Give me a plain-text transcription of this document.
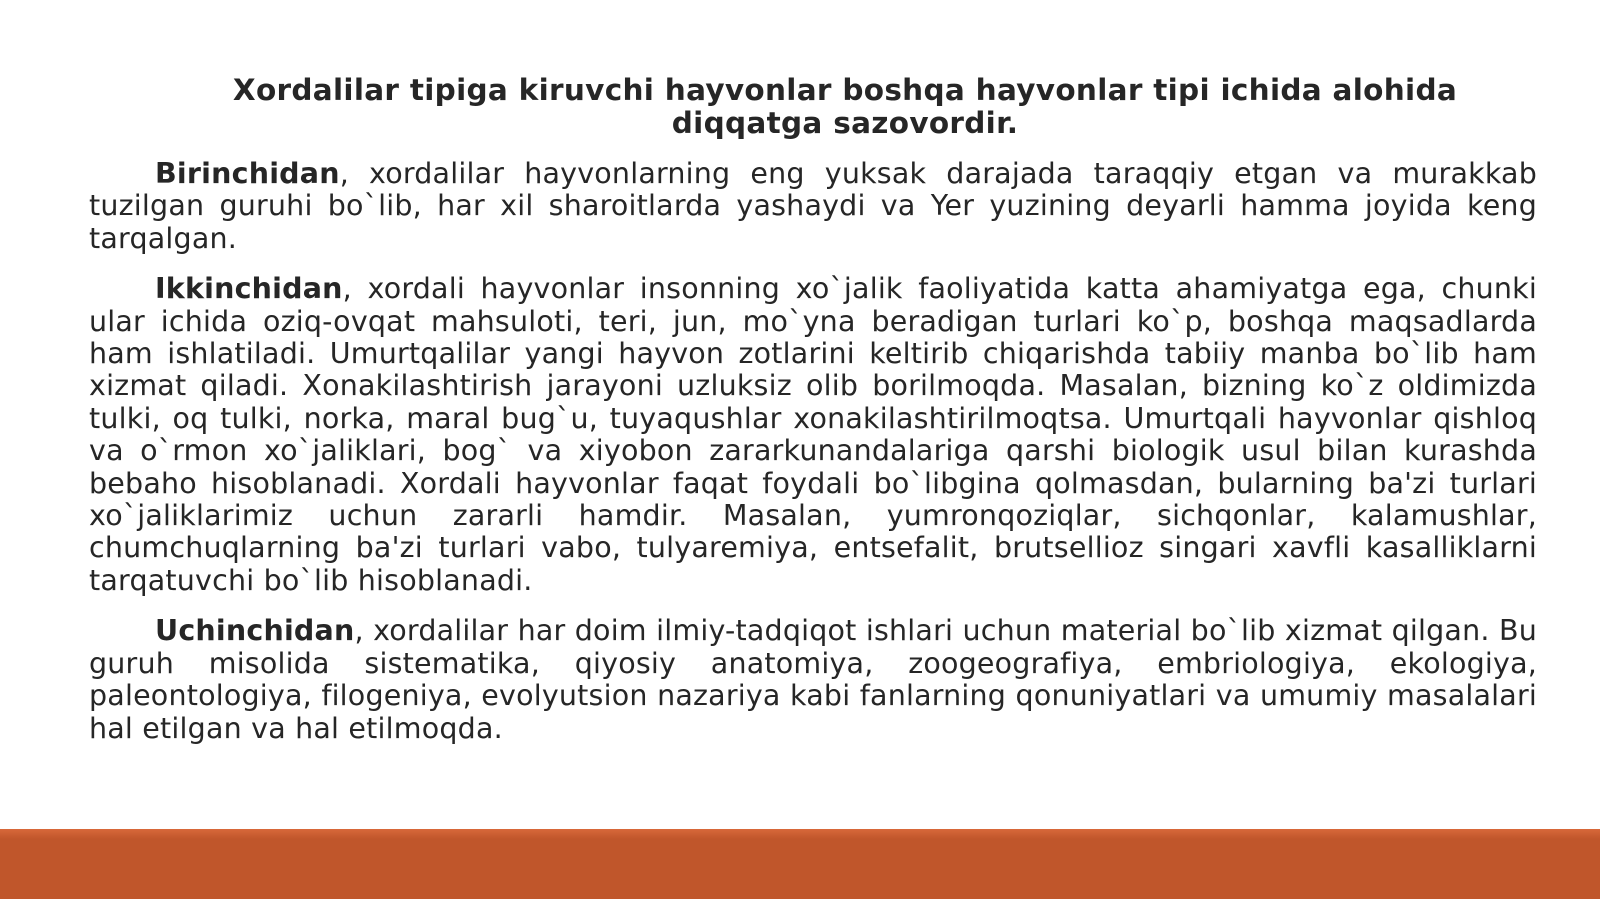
Xordalilar tipiga kiruvchi hayvonlar boshqa hayvonlar tipi ichida alohida diqqatga sazovordir.

Birinchidan, xordalilar hayvonlarning eng yuksak darajada taraqqiy etgan va murakkab tuzilgan guruhi bo`lib, har xil sharoitlarda yashaydi va Yer yuzining deyarli hamma joyida keng tarqalgan.

Ikkinchidan, xordali hayvonlar insonning xo`jalik faoliyatida katta ahamiyatga ega, chunki ular ichida oziq-ovqat mahsuloti, teri, jun, mo`yna beradigan turlari ko`p, boshqa maqsadlarda ham ishlatiladi. Umurtqalilar yangi hayvon zotlarini keltirib chiqarishda tabiiy manba bo`lib ham xizmat qiladi. Xonakilashtirish jarayoni uzluksiz olib borilmoqda. Masalan, bizning ko`z oldimizda tulki, oq tulki, norka, maral bug`u, tuyaqushlar xonakilashtirilmoqtsa. Umurtqali hayvonlar qishloq va o`rmon xo`jaliklari, bog` va xiyobon zararkunandalariga qarshi biologik usul bilan kurashda bebaho hisoblanadi. Xordali hayvonlar faqat foydali bo`libgina qolmasdan, bularning ba'zi turlari xo`jaliklarimiz uchun zararli hamdir. Masalan, yumronqoziqlar, sichqonlar, kalamushlar, chumchuqlarning ba'zi turlari vabo, tulyaremiya, entsefalit, brutsellioz singari xavfli kasalliklarni tarqatuvchi bo`lib hisoblanadi.

Uchinchidan, xordalilar har doim ilmiy-tadqiqot ishlari uchun material bo`lib xizmat qilgan. Bu guruh misolida sistematika, qiyosiy anatomiya, zoogeografiya, embriologiya, ekologiya, paleontologiya, filogeniya, evolyutsion nazariya kabi fanlarning qonuniyatlari va umumiy masalalari hal etilgan va hal etilmoqda.
